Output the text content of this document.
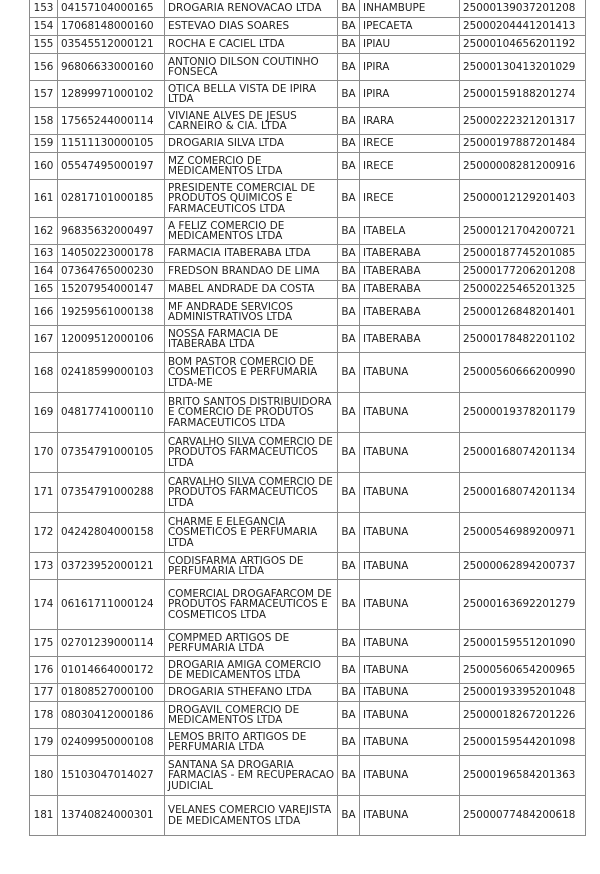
153	04157104000165	DROGARIA RENOVACAO LTDA	BA	INHAMBUPE	25000139037201208
154	17068148000160	ESTEVAO DIAS SOARES	BA	IPECAETA	25000204441201413
155	03545512000121	ROCHA E CACIEL LTDA	BA	IPIAU	25000104656201192
156	96806633000160	ANTONIO DILSON COUTINHO FONSECA	BA	IPIRA	25000130413201029
157	12899971000102	OTICA BELLA VISTA DE IPIRA LTDA	BA	IPIRA	25000159188201274
158	17565244000114	VIVIANE ALVES DE JESUS CARNEIRO & CIA. LTDA	BA	IRARA	25000222321201317
159	11511130000105	DROGARIA SILVA LTDA	BA	IRECE	25000197887201484
160	05547495000197	MZ COMERCIO DE MEDICAMENTOS LTDA	BA	IRECE	25000008281200916
161	02817101000185	PRESIDENTE COMERCIAL DE PRODUTOS QUIMICOS E FARMACEUTICOS LTDA	BA	IRECE	25000012129201403
162	96835632000497	A FELIZ COMERCIO DE MEDICAMENTOS LTDA	BA	ITABELA	25000121704200721
163	14050223000178	FARMACIA ITABERABA LTDA	BA	ITABERABA	25000187745201085
164	07364765000230	FREDSON BRANDAO DE LIMA	BA	ITABERABA	25000177206201208
165	15207954000147	MABEL ANDRADE DA COSTA	BA	ITABERABA	25000225465201325
166	19259561000138	MF ANDRADE SERVICOS ADMINISTRATIVOS LTDA	BA	ITABERABA	25000126848201401
167	12009512000106	NOSSA FARMACIA DE ITABERABA LTDA	BA	ITABERABA	25000178482201102
168	02418599000103	BOM PASTOR COMERCIO DE COSMETICOS E PERFUMARIA LTDA-ME	BA	ITABUNA	25000560666200990
169	04817741000110	BRITO SANTOS DISTRIBUIDORA E COMERCIO DE PRODUTOS FARMACEUTICOS LTDA	BA	ITABUNA	25000019378201179
170	07354791000105	CARVALHO SILVA COMERCIO DE PRODUTOS FARMACEUTICOS LTDA	BA	ITABUNA	25000168074201134
171	07354791000288	CARVALHO SILVA COMERCIO DE PRODUTOS FARMACEUTICOS LTDA	BA	ITABUNA	25000168074201134
172	04242804000158	CHARME E ELEGANCIA COSMETICOS E PERFUMARIA LTDA	BA	ITABUNA	25000546989200971
173	03723952000121	CODISFARMA ARTIGOS DE PERFUMARIA LTDA	BA	ITABUNA	25000062894200737
174	06161711000124	COMERCIAL DROGAFARCOM DE PRODUTOS FARMACEUTICOS E COSMETICOS LTDA	BA	ITABUNA	25000163692201279
175	02701239000114	COMPMED ARTIGOS DE PERFUMARIA LTDA	BA	ITABUNA	25000159551201090
176	01014664000172	DROGARIA AMIGA COMERCIO DE MEDICAMENTOS LTDA	BA	ITABUNA	25000560654200965
177	01808527000100	DROGARIA STHEFANO LTDA	BA	ITABUNA	25000193395201048
178	08030412000186	DROGAVIL COMERCIO DE MEDICAMENTOS LTDA	BA	ITABUNA	25000018267201226
179	02409950000108	LEMOS BRITO ARTIGOS DE PERFUMARIA LTDA	BA	ITABUNA	25000159544201098
180	15103047014027	SANTANA SA DROGARIA FARMACIAS - EM RECUPERACAO JUDICIAL	BA	ITABUNA	25000196584201363
181	13740824000301	VELANES COMERCIO VAREJISTA DE MEDICAMENTOS LTDA	BA	ITABUNA	25000077484200618
